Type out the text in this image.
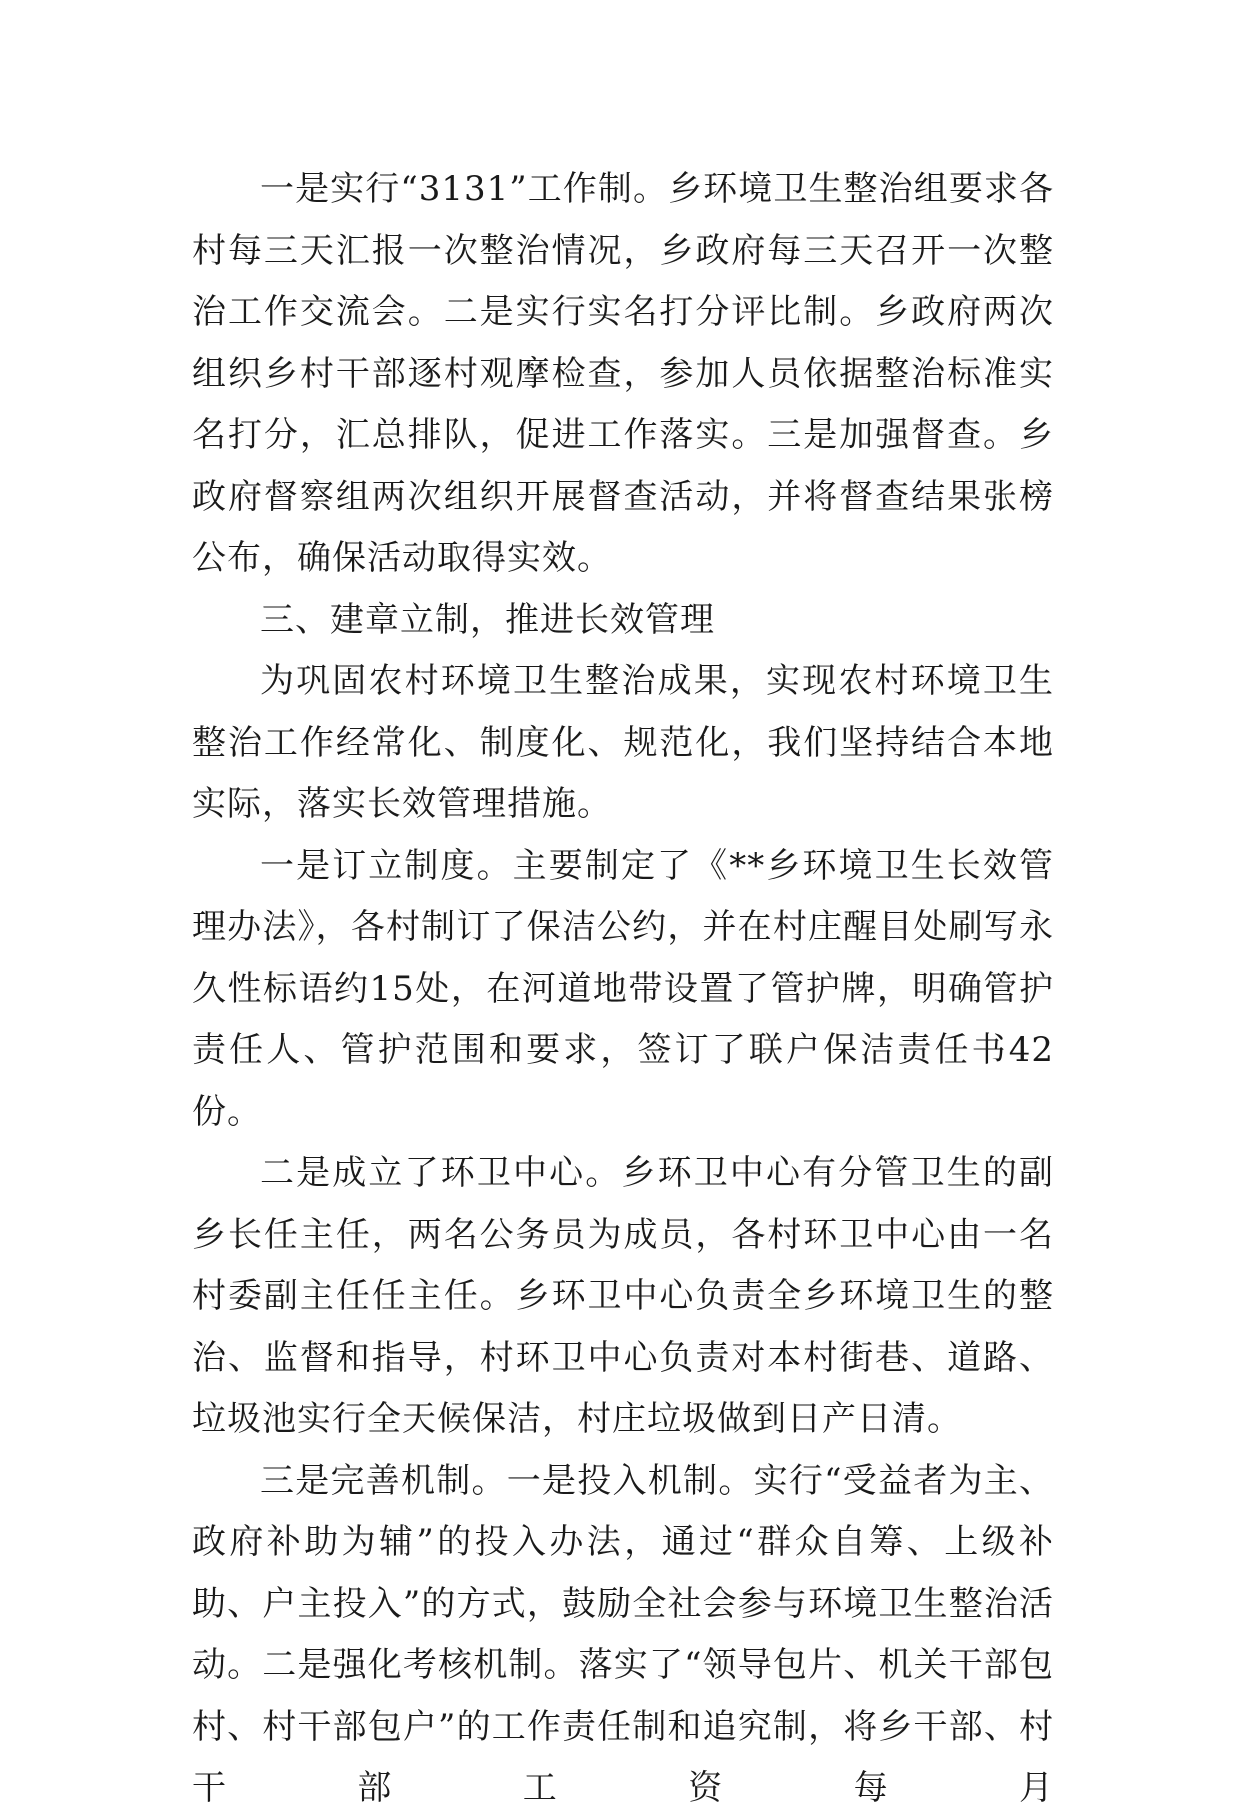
一是实行“3131”工作制。乡环境卫生整治组要求各村每三天汇报一次整治情况，乡政府每三天召开一次整治工作交流会。二是实行实名打分评比制。乡政府两次组织乡村干部逐村观摩检查，参加人员依据整治标准实名打分，汇总排队，促进工作落实。三是加强督查。乡政府督察组两次组织开展督查活动，并将督查结果张榜公布，确保活动取得实效。

三、建章立制，推进长效管理

为巩固农村环境卫生整治成果，实现农村环境卫生整治工作经常化、制度化、规范化，我们坚持结合本地实际，落实长效管理措施。

一是订立制度。主要制定了《**乡环境卫生长效管理办法》，各村制订了保洁公约，并在村庄醒目处刷写永久性标语约15处，在河道地带设置了管护牌，明确管护责任人、管护范围和要求，签订了联户保洁责任书42份。

二是成立了环卫中心。乡环卫中心有分管卫生的副乡长任主任，两名公务员为成员，各村环卫中心由一名村委副主任任主任。乡环卫中心负责全乡环境卫生的整治、监督和指导，村环卫中心负责对本村街巷、道路、垃圾池实行全天候保洁，村庄垃圾做到日产日清。

三是完善机制。一是投入机制。实行“受益者为主、政府补助为辅”的投入办法，通过“群众自筹、上级补助、户主投入”的方式，鼓励全社会参与环境卫生整治活动。二是强化考核机制。落实了“领导包片、机关干部包村、村干部包户”的工作责任制和追究制，将乡干部、村干部工资每月
